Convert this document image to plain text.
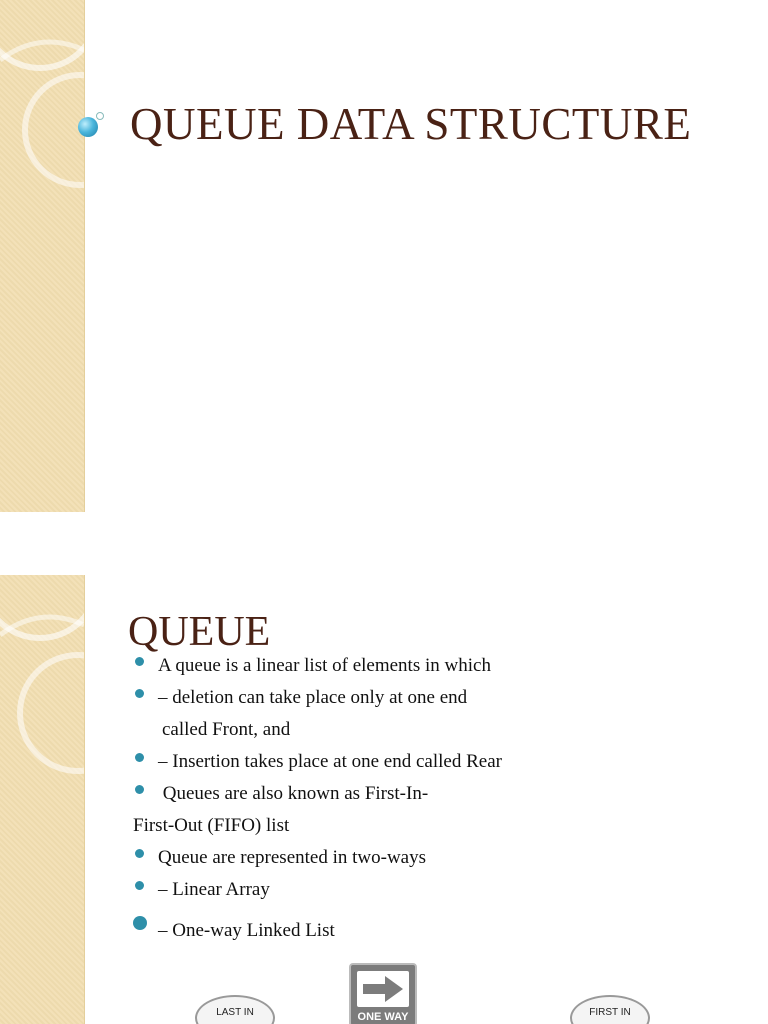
QUEUE DATA STRUCTURE
QUEUE
A queue is a linear list of elements in which
– deletion can take place only at one end
called Front, and
– Insertion takes place at one end called Rear
Queues are also known as First-In-
First-Out (FIFO) list
Queue are represented in two-ways
– Linear Array
– One-way Linked List
LAST IN	ONE WAY	FIRST IN
